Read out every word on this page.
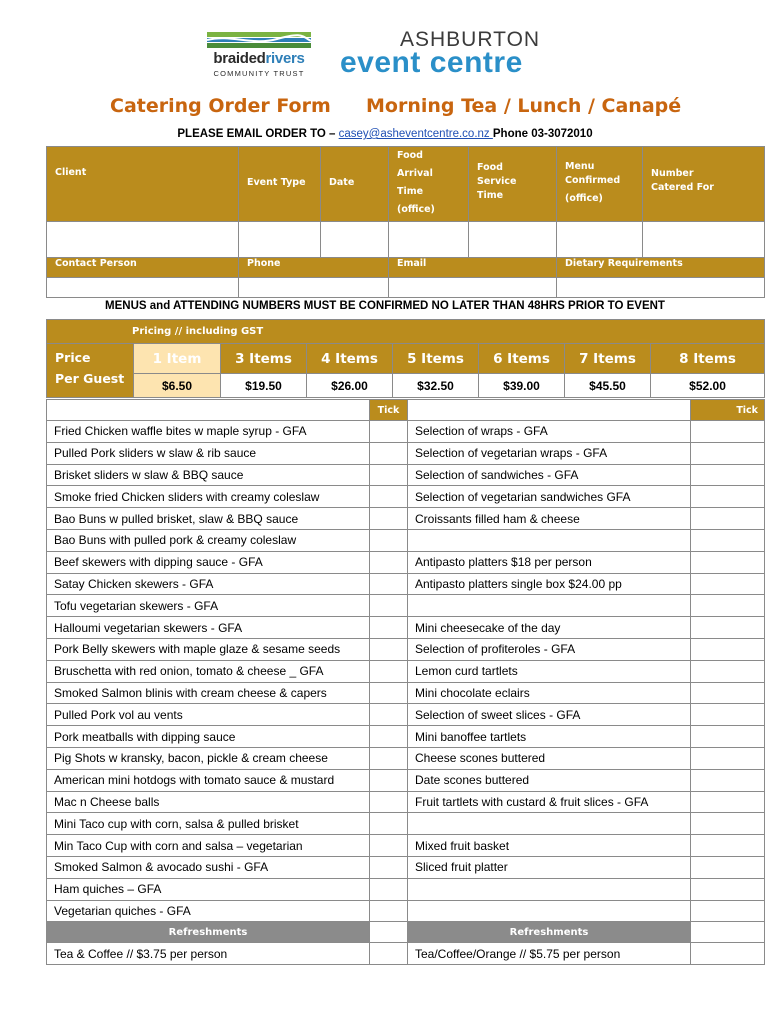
braidedrivers
COMMUNITY TRUST
ASHBURTON
event centre
Catering Order Form Morning Tea / Lunch / Canapé
PLEASE EMAIL ORDER TO – casey@asheventcentre.co.nz Phone 03-3072010
Client	Event Type	Date	Food
Arrival
Time
(office)	Food
Service
Time	Menu
Confirmed
(office)	Number
Catered For

Contact Person	Phone		Email		Dietary Requirements	

MENUS and ATTENDING NUMBERS MUST BE CONFIRMED NO LATER THAN 48HRS PRIOR TO EVENT
Pricing // including GST							

Price
Per Guest	1 Item	3 Items	4 Items	5 Items	6 Items	7 Items	8 Items
	$6.50	$19.50	$26.00	$32.50	$39.00	$45.50	$52.00
	Tick		Tick
Fried Chicken waffle bites w maple syrup - GFA		Selection of wraps - GFA	
Pulled Pork sliders w slaw & rib sauce		Selection of vegetarian wraps - GFA	
Brisket sliders w slaw & BBQ sauce		Selection of sandwiches - GFA	
Smoke fried Chicken sliders with creamy coleslaw		Selection of vegetarian sandwiches GFA	
Bao Buns w pulled brisket, slaw & BBQ sauce		Croissants filled ham & cheese	
Bao Buns with pulled pork & creamy coleslaw			
Beef skewers with dipping sauce - GFA		Antipasto platters $18 per person	
Satay Chicken skewers - GFA		Antipasto platters single box $24.00 pp	
Tofu vegetarian skewers - GFA			
Halloumi vegetarian skewers - GFA		Mini cheesecake of the day	
Pork Belly skewers with maple glaze & sesame seeds		Selection of profiteroles - GFA	
Bruschetta with red onion, tomato & cheese _ GFA		Lemon curd tartlets	
Smoked Salmon blinis with cream cheese & capers		Mini chocolate eclairs	
Pulled Pork vol au vents		Selection of sweet slices - GFA	
Pork meatballs with dipping sauce		Mini banoffee tartlets	
Pig Shots w kransky, bacon, pickle & cream cheese		Cheese scones buttered	
American mini hotdogs with tomato sauce & mustard		Date scones buttered	
Mac n Cheese balls		Fruit tartlets with custard & fruit slices - GFA	
Mini Taco cup with corn, salsa & pulled brisket			
Min Taco Cup with corn and salsa – vegetarian		Mixed fruit basket	
Smoked Salmon & avocado sushi - GFA		Sliced fruit platter	
Ham quiches – GFA			
Vegetarian quiches - GFA			
Refreshments		Refreshments	
Tea & Coffee // $3.75 per person		Tea/Coffee/Orange // $5.75 per person	
